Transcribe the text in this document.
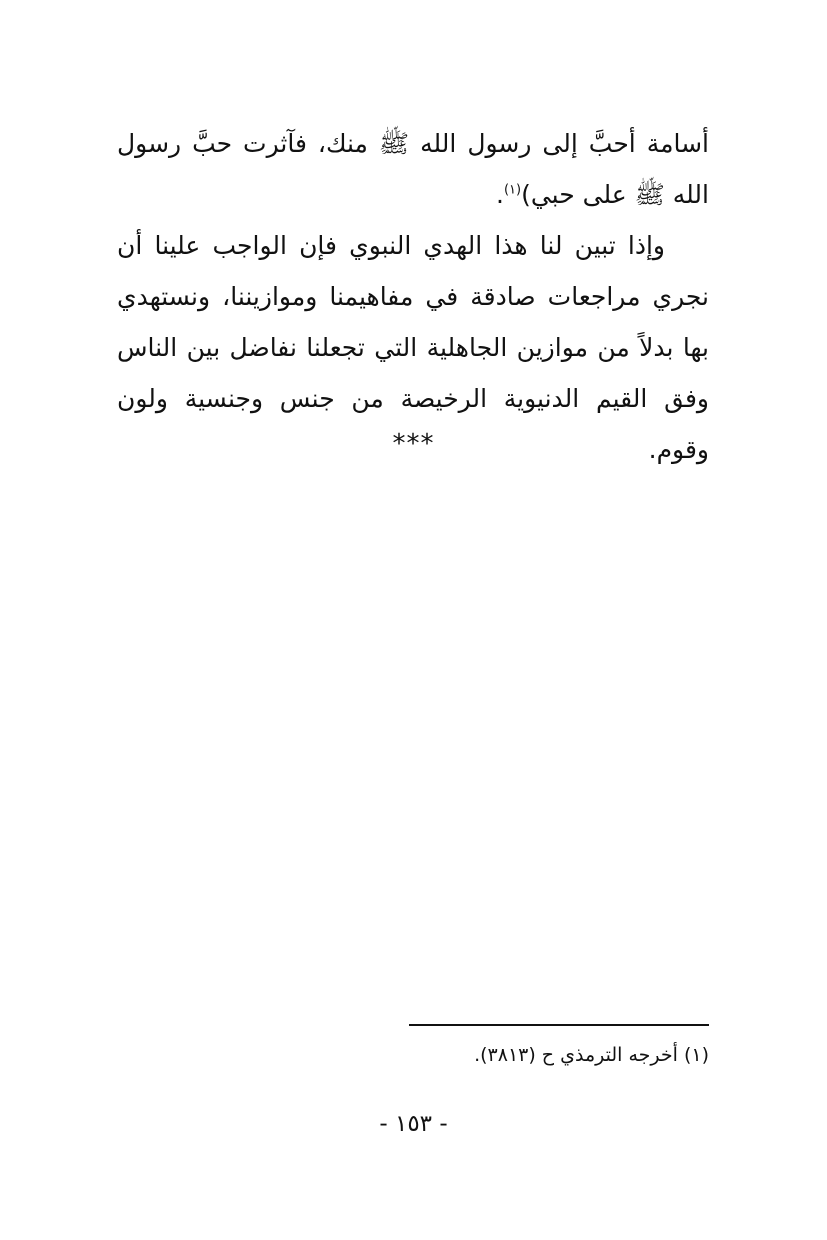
أسامة أحبَّ إلى رسول الله ﷺ منك، فآثرت حبَّ رسول الله ﷺ على حبي)$^{(١)}$.

وإذا تبين لنا هذا الهدي النبوي فإن الواجب علينا أن نجري مراجعات صادقة في مفاهيمنا وموازيننا، ونستهدي بها بدلاً من موازين الجاهلية التي تجعلنا نفاضل بين الناس وفق القيم الدنيوية الرخيصة من جنس وجنسية ولون وقوم.

***
(١) أخرجه الترمذي ح (٣٨١٣).
- ١٥٣ -
